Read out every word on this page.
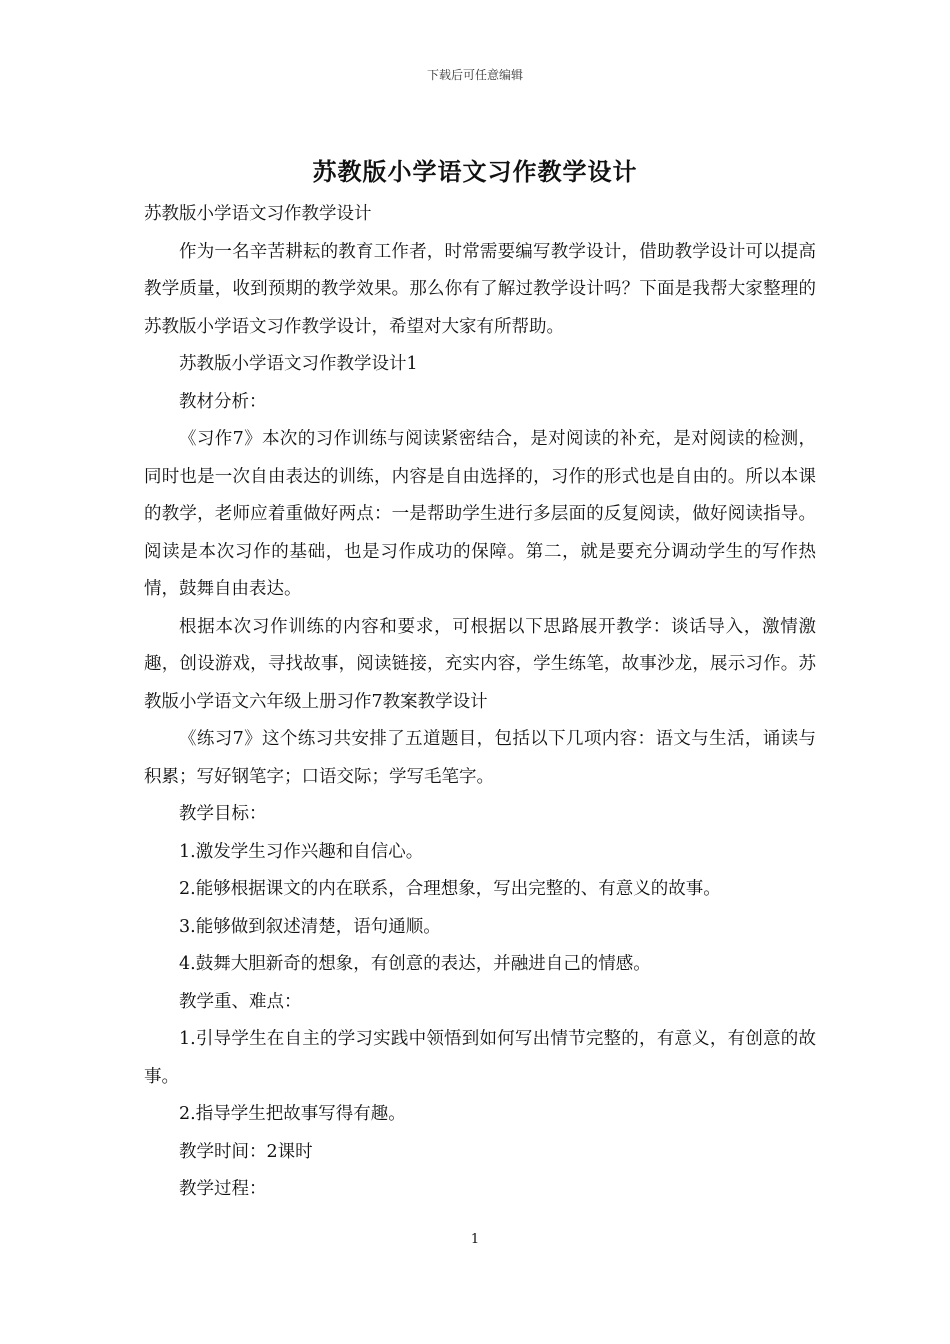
下载后可任意编辑
苏教版小学语文习作教学设计

苏教版小学语文习作教学设计

作为一名辛苦耕耘的教育工作者，时常需要编写教学设计，借助教学设计可以提高教学质量，收到预期的教学效果。那么你有了解过教学设计吗？下面是我帮大家整理的苏教版小学语文习作教学设计，希望对大家有所帮助。

苏教版小学语文习作教学设计1

教材分析：

《习作7》本次的习作训练与阅读紧密结合，是对阅读的补充，是对阅读的检测，同时也是一次自由表达的训练，内容是自由选择的，习作的形式也是自由的。所以本课的教学，老师应着重做好两点：一是帮助学生进行多层面的反复阅读，做好阅读指导。阅读是本次习作的基础，也是习作成功的保障。第二，就是要充分调动学生的写作热情，鼓舞自由表达。

根据本次习作训练的内容和要求，可根据以下思路展开教学：谈话导入，激情激趣，创设游戏，寻找故事，阅读链接，充实内容，学生练笔，故事沙龙，展示习作。苏教版小学语文六年级上册习作7教案教学设计

《练习7》这个练习共安排了五道题目，包括以下几项内容：语文与生活，诵读与积累；写好钢笔字；口语交际；学写毛笔字。

教学目标：

1.激发学生习作兴趣和自信心。

2.能够根据课文的内在联系，合理想象，写出完整的、有意义的故事。

3.能够做到叙述清楚，语句通顺。

4.鼓舞大胆新奇的想象，有创意的表达，并融进自己的情感。

教学重、难点：

1.引导学生在自主的学习实践中领悟到如何写出情节完整的，有意义，有创意的故事。

2.指导学生把故事写得有趣。

教学时间：2课时

教学过程：

1
